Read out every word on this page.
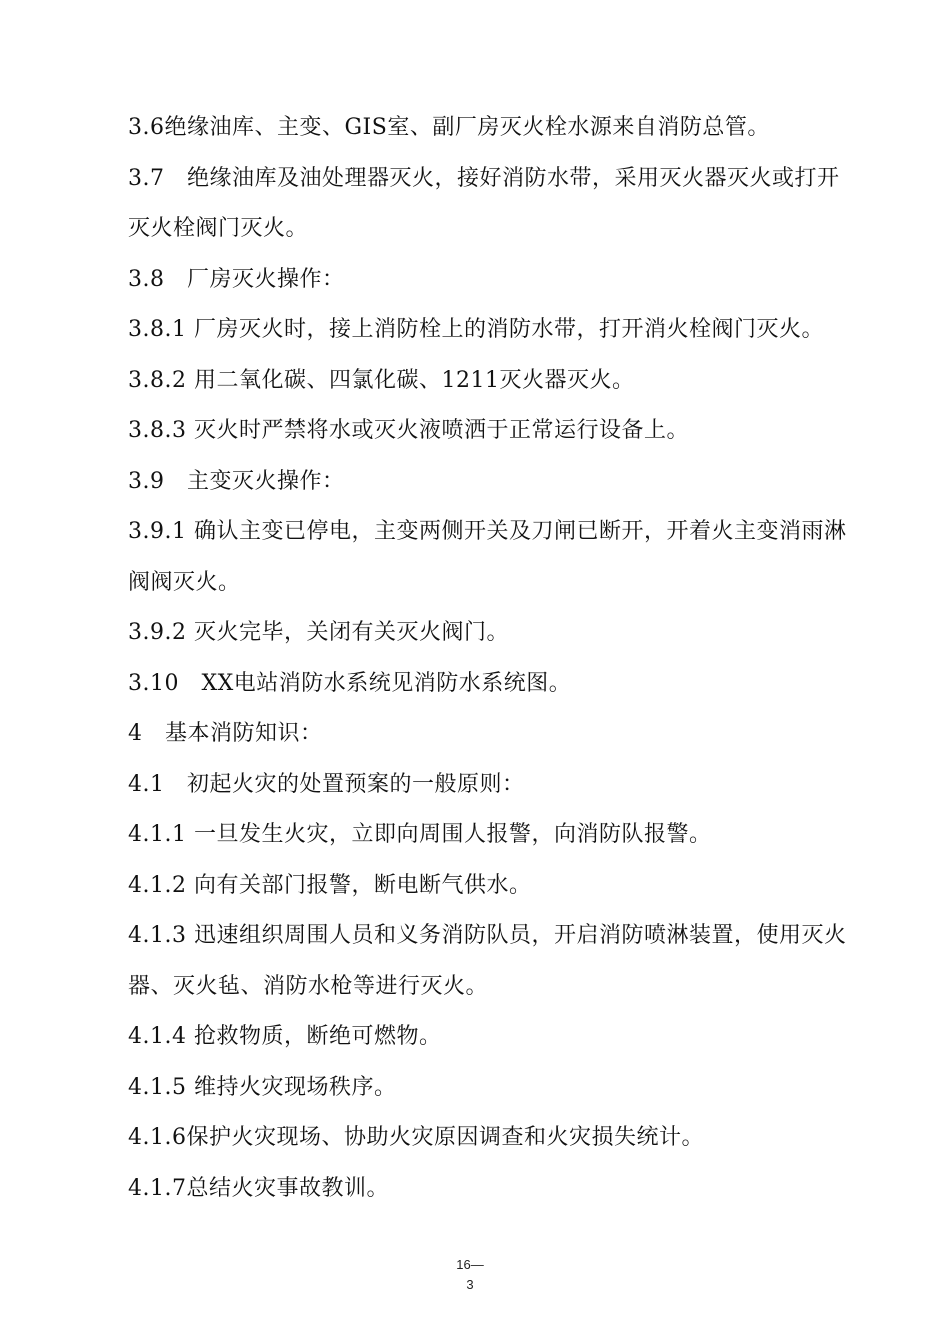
3.6绝缘油库、主变、GIS室、副厂房灭火栓水源来自消防总管。
3.7　绝缘油库及油处理器灭火，接好消防水带，采用灭火器灭火或打开
灭火栓阀门灭火。
3.8　厂房灭火操作：
3.8.1 厂房灭火时，接上消防栓上的消防水带，打开消火栓阀门灭火。
3.8.2 用二氧化碳、四氯化碳、1211灭火器灭火。
3.8.3 灭火时严禁将水或灭火液喷洒于正常运行设备上。
3.9　主变灭火操作：
3.9.1 确认主变已停电，主变两侧开关及刀闸已断开，开着火主变消雨淋
阀阀灭火。
3.9.2 灭火完毕，关闭有关灭火阀门。
3.10　XX电站消防水系统见消防水系统图。
4　基本消防知识：
4.1　初起火灾的处置预案的一般原则：
4.1.1 一旦发生火灾，立即向周围人报警，向消防队报警。
4.1.2 向有关部门报警，断电断气供水。
4.1.3 迅速组织周围人员和义务消防队员，开启消防喷淋装置，使用灭火
器、灭火毡、消防水枪等进行灭火。
4.1.4 抢救物质，断绝可燃物。
4.1.5 维持火灾现场秩序。
4.1.6保护火灾现场、协助火灾原因调查和火灾损失统计。
4.1.7总结火灾事故教训。
16—
3
